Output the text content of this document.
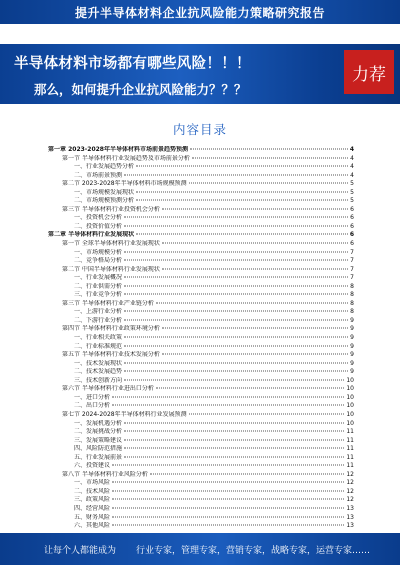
提升半导体材料企业抗风险能力策略研究报告
半导体材料市场都有哪些风险！！！
那么，如何提升企业抗风险能力？？？
力荐
内容目录
第一章 2023-2028年半导体材料市场前景趋势预测	4
第一节 半导体材料行业发展趋势及市场前景分析	4
一、行业发展趋势分析	4
二、市场前景预测	4
第二节 2023-2028年半导体材料市场规模预测	5
一、市场规模发展现状	5
二、市场规模预测分析	5
第三节 半导体材料行业投资机会分析	6
一、投资机会分析	6
二、投资价值分析	6
第二章 半导体材料行业发展现状	6
第一节 全球半导体材料行业发展现状	6
一、市场规模分析	7
二、竞争格局分析	7
第二节 中国半导体材料行业发展现状	7
一、行业发展概况	7
二、行业供需分析	8
三、行业竞争分析	8
第三节 半导体材料行业产业链分析	8
一、上游行业分析	8
二、下游行业分析	9
第四节 半导体材料行业政策环境分析	9
一、行业相关政策	9
二、行业标准规范	9
第五节 半导体材料行业技术发展分析	9
一、技术发展现状	9
二、技术发展趋势	9
三、技术创新方向	10
第六节 半导体材料行业进出口分析	10
一、进口分析	10
二、出口分析	10
第七节 2024-2028年半导体材料行业发展预测	10
一、发展机遇分析	10
二、发展挑战分析	11
三、发展策略建议	11
四、风险防范措施	11
五、行业发展前景	11
六、投资建议	11
第八节 半导体材料行业风险分析	12
一、市场风险	12
二、技术风险	12
三、政策风险	12
四、经营风险	13
五、财务风险	13
六、其他风险	13
让每个人都能成为 行业专家，管理专家，营销专家，战略专家，运营专家……
